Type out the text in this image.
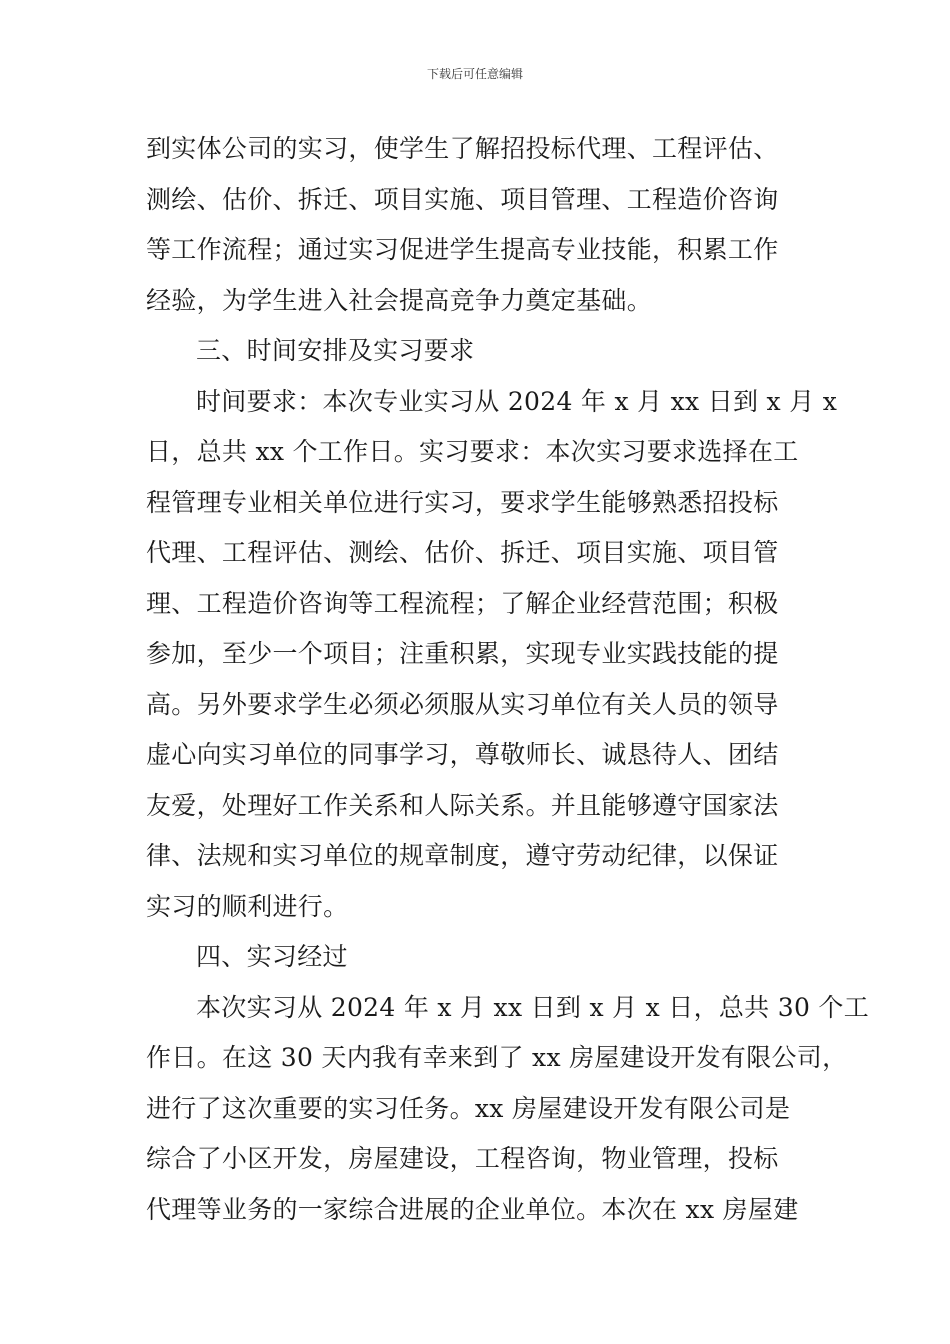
下载后可任意编辑
到实体公司的实习，使学生了解招投标代理、工程评估、
测绘、估价、拆迁、项目实施、项目管理、工程造价咨询
等工作流程；通过实习促进学生提高专业技能，积累工作
经验，为学生进入社会提高竞争力奠定基础。
三、时间安排及实习要求
时间要求：本次专业实习从 2024 年 x 月 xx 日到 x 月 x
日，总共 xx 个工作日。实习要求：本次实习要求选择在工
程管理专业相关单位进行实习，要求学生能够熟悉招投标
代理、工程评估、测绘、估价、拆迁、项目实施、项目管
理、工程造价咨询等工程流程；了解企业经营范围；积极
参加，至少一个项目；注重积累，实现专业实践技能的提
高。另外要求学生必须必须服从实习单位有关人员的领导
虚心向实习单位的同事学习，尊敬师长、诚恳待人、团结
友爱，处理好工作关系和人际关系。并且能够遵守国家法
律、法规和实习单位的规章制度，遵守劳动纪律，以保证
实习的顺利进行。
四、实习经过
本次实习从 2024 年 x 月 xx 日到 x 月 x 日，总共 30 个工
作日。在这 30 天内我有幸来到了 xx 房屋建设开发有限公司，
进行了这次重要的实习任务。xx 房屋建设开发有限公司是
综合了小区开发，房屋建设，工程咨询，物业管理，投标
代理等业务的一家综合进展的企业单位。本次在 xx 房屋建
